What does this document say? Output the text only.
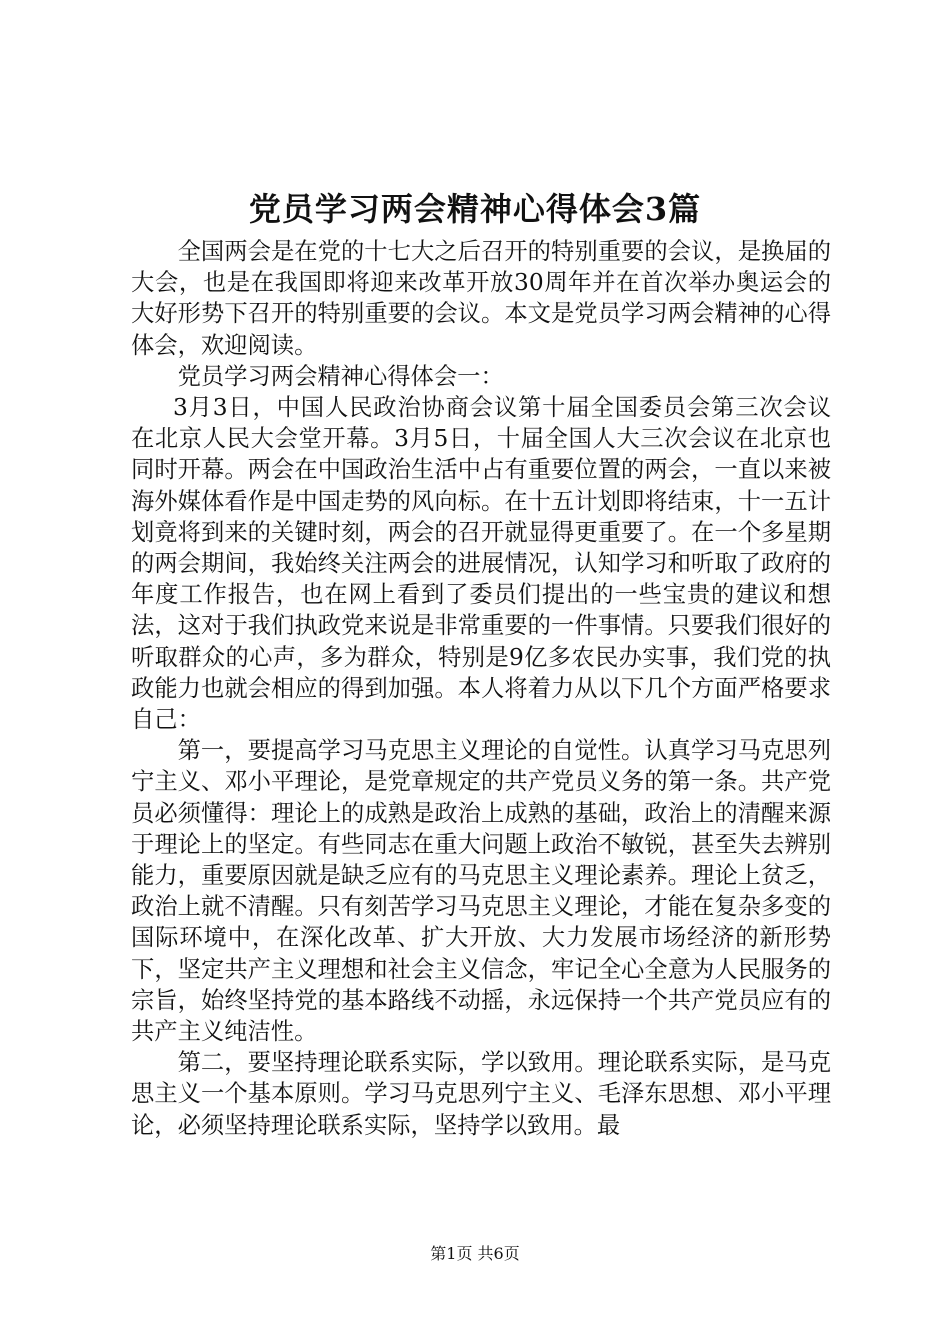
党员学习两会精神心得体会3篇

全国两会是在党的十七大之后召开的特别重要的会议，是换届的大会，也是在我国即将迎来改革开放30周年并在首次举办奥运会的大好形势下召开的特别重要的会议。本文是党员学习两会精神的心得体会，欢迎阅读。

党员学习两会精神心得体会一：

3月3日，中国人民政治协商会议第十届全国委员会第三次会议在北京人民大会堂开幕。3月5日，十届全国人大三次会议在北京也同时开幕。两会在中国政治生活中占有重要位置的两会，一直以来被海外媒体看作是中国走势的风向标。在十五计划即将结束，十一五计划竟将到来的关键时刻，两会的召开就显得更重要了。在一个多星期的两会期间，我始终关注两会的进展情况，认知学习和听取了政府的年度工作报告，也在网上看到了委员们提出的一些宝贵的建议和想法，这对于我们执政党来说是非常重要的一件事情。只要我们很好的听取群众的心声，多为群众，特别是9亿多农民办实事，我们党的执政能力也就会相应的得到加强。本人将着力从以下几个方面严格要求自己：

第一，要提高学习马克思主义理论的自觉性。认真学习马克思列宁主义、邓小平理论，是党章规定的共产党员义务的第一条。共产党员必须懂得：理论上的成熟是政治上成熟的基础，政治上的清醒来源于理论上的坚定。有些同志在重大问题上政治不敏锐，甚至失去辨别能力，重要原因就是缺乏应有的马克思主义理论素养。理论上贫乏，政治上就不清醒。只有刻苦学习马克思主义理论，才能在复杂多变的国际环境中，在深化改革、扩大开放、大力发展市场经济的新形势下，坚定共产主义理想和社会主义信念，牢记全心全意为人民服务的宗旨，始终坚持党的基本路线不动摇，永远保持一个共产党员应有的共产主义纯洁性。

第二，要坚持理论联系实际，学以致用。理论联系实际，是马克思主义一个基本原则。学习马克思列宁主义、毛泽东思想、邓小平理论，必须坚持理论联系实际，坚持学以致用。最

第1页 共6页
